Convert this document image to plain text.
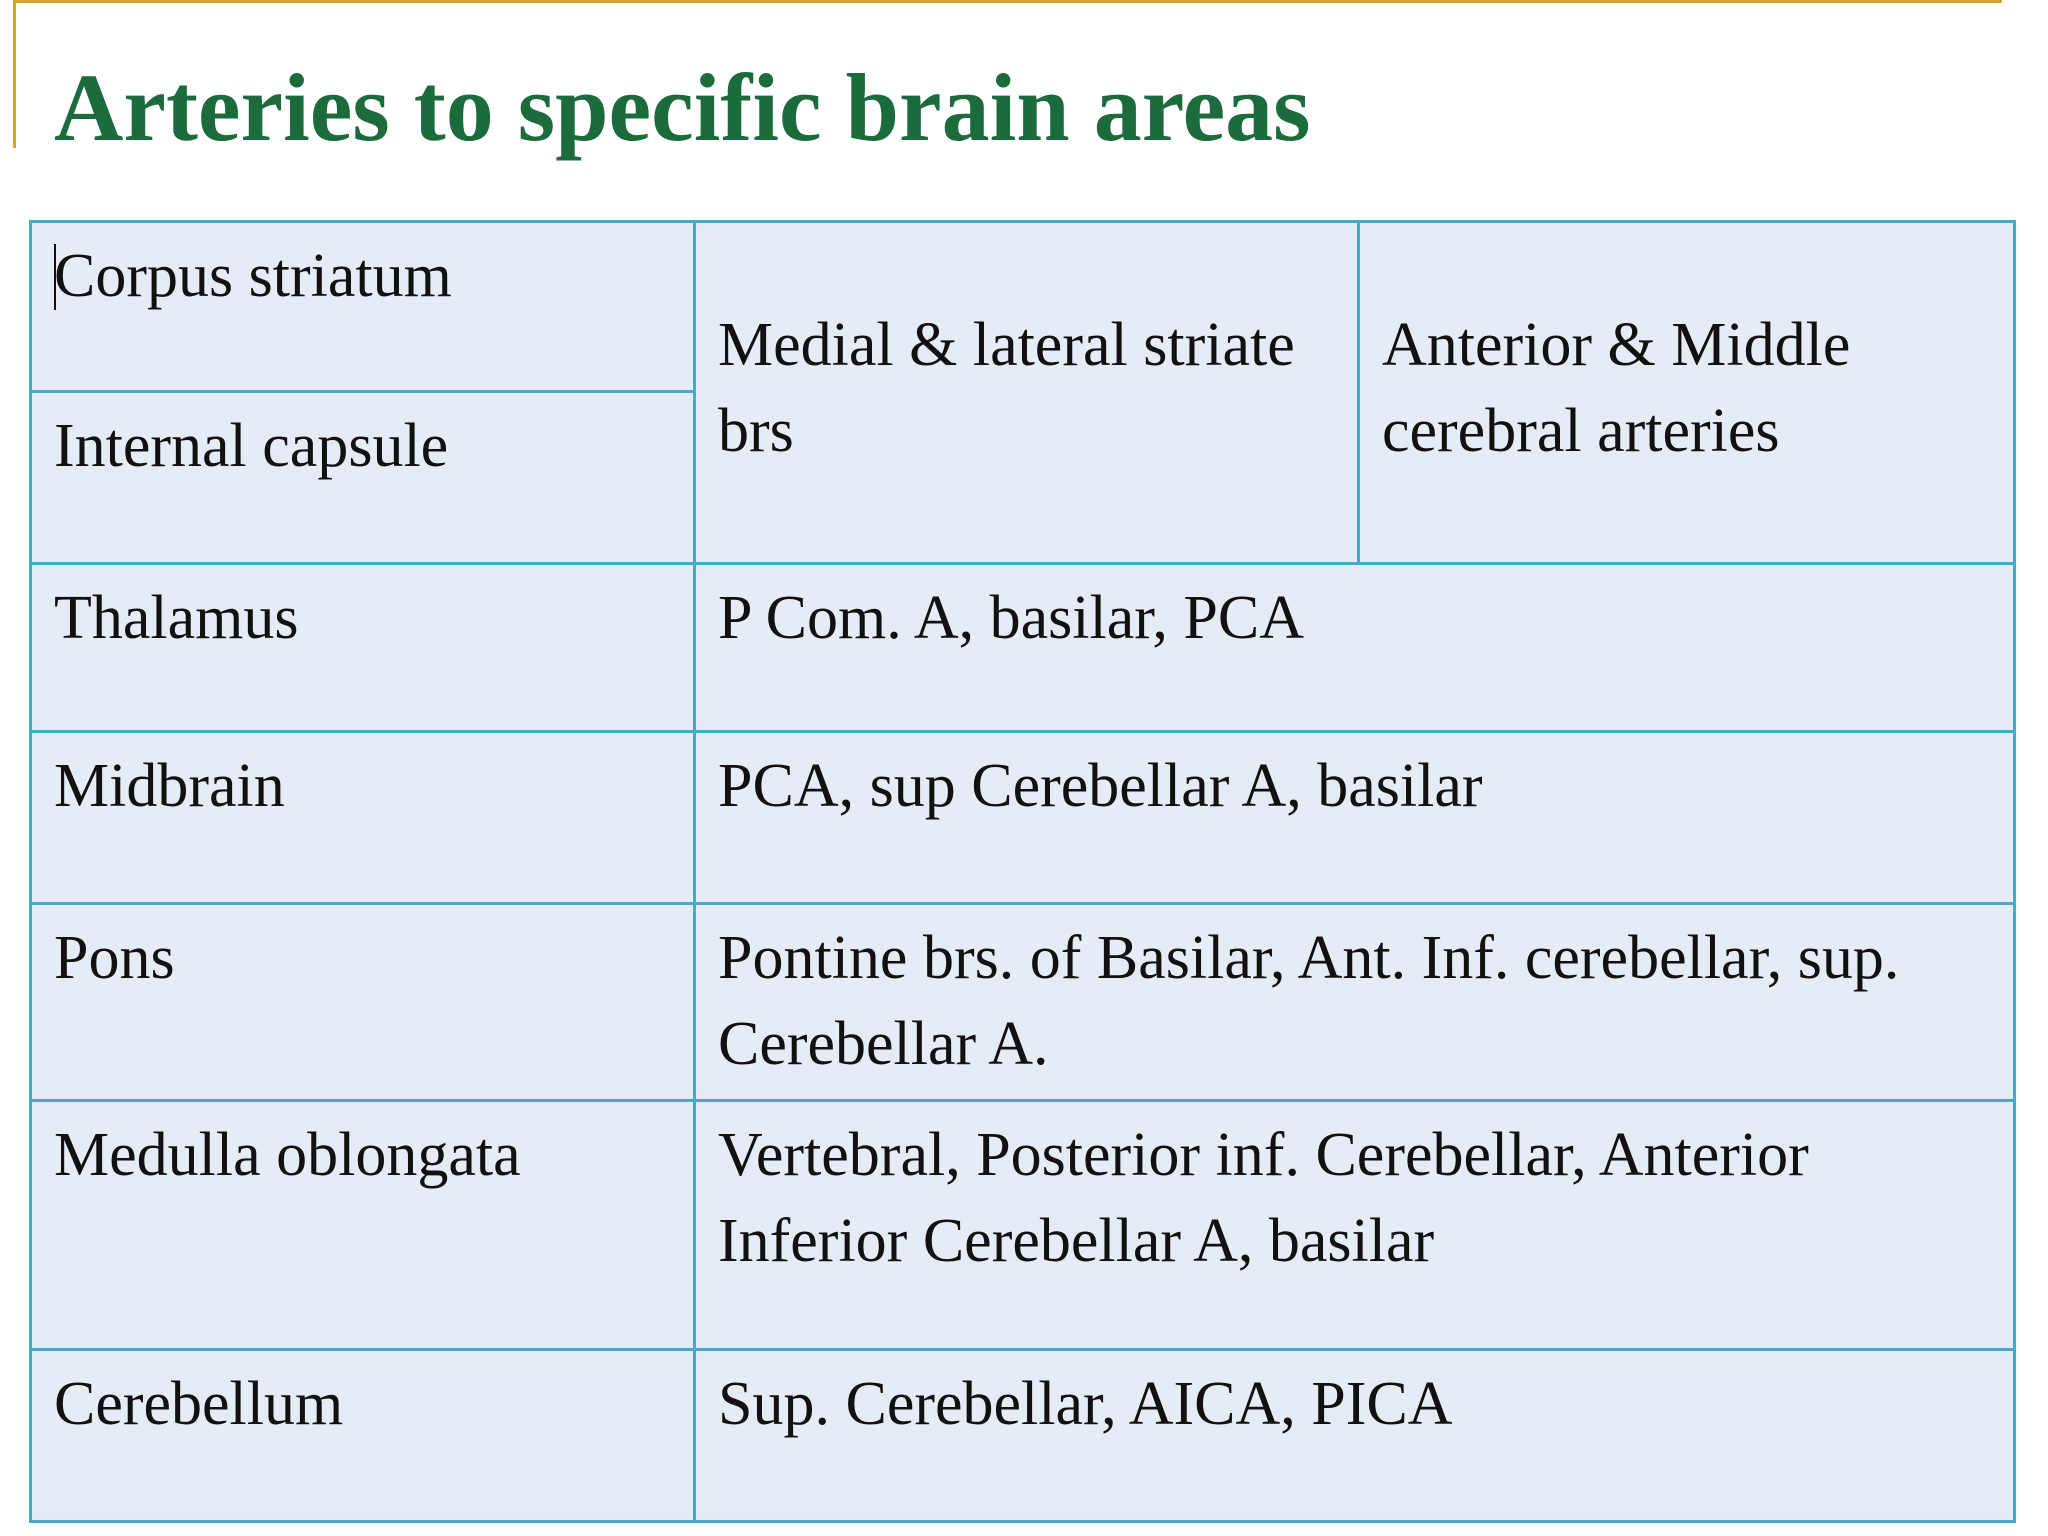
Arteries to specific brain areas
Corpus striatum	Medial & lateral striate brs	Anterior & Middle cerebral arteries
Internal capsule		
Thalamus	P Com. A, basilar, PCA	
Midbrain	PCA, sup Cerebellar A, basilar	
Pons	Pontine brs. of Basilar, Ant. Inf. cerebellar, sup. Cerebellar A.	
Medulla oblongata	Vertebral, Posterior inf. Cerebellar, Anterior Inferior Cerebellar A, basilar	
Cerebellum	Sup. Cerebellar, AICA, PICA	
